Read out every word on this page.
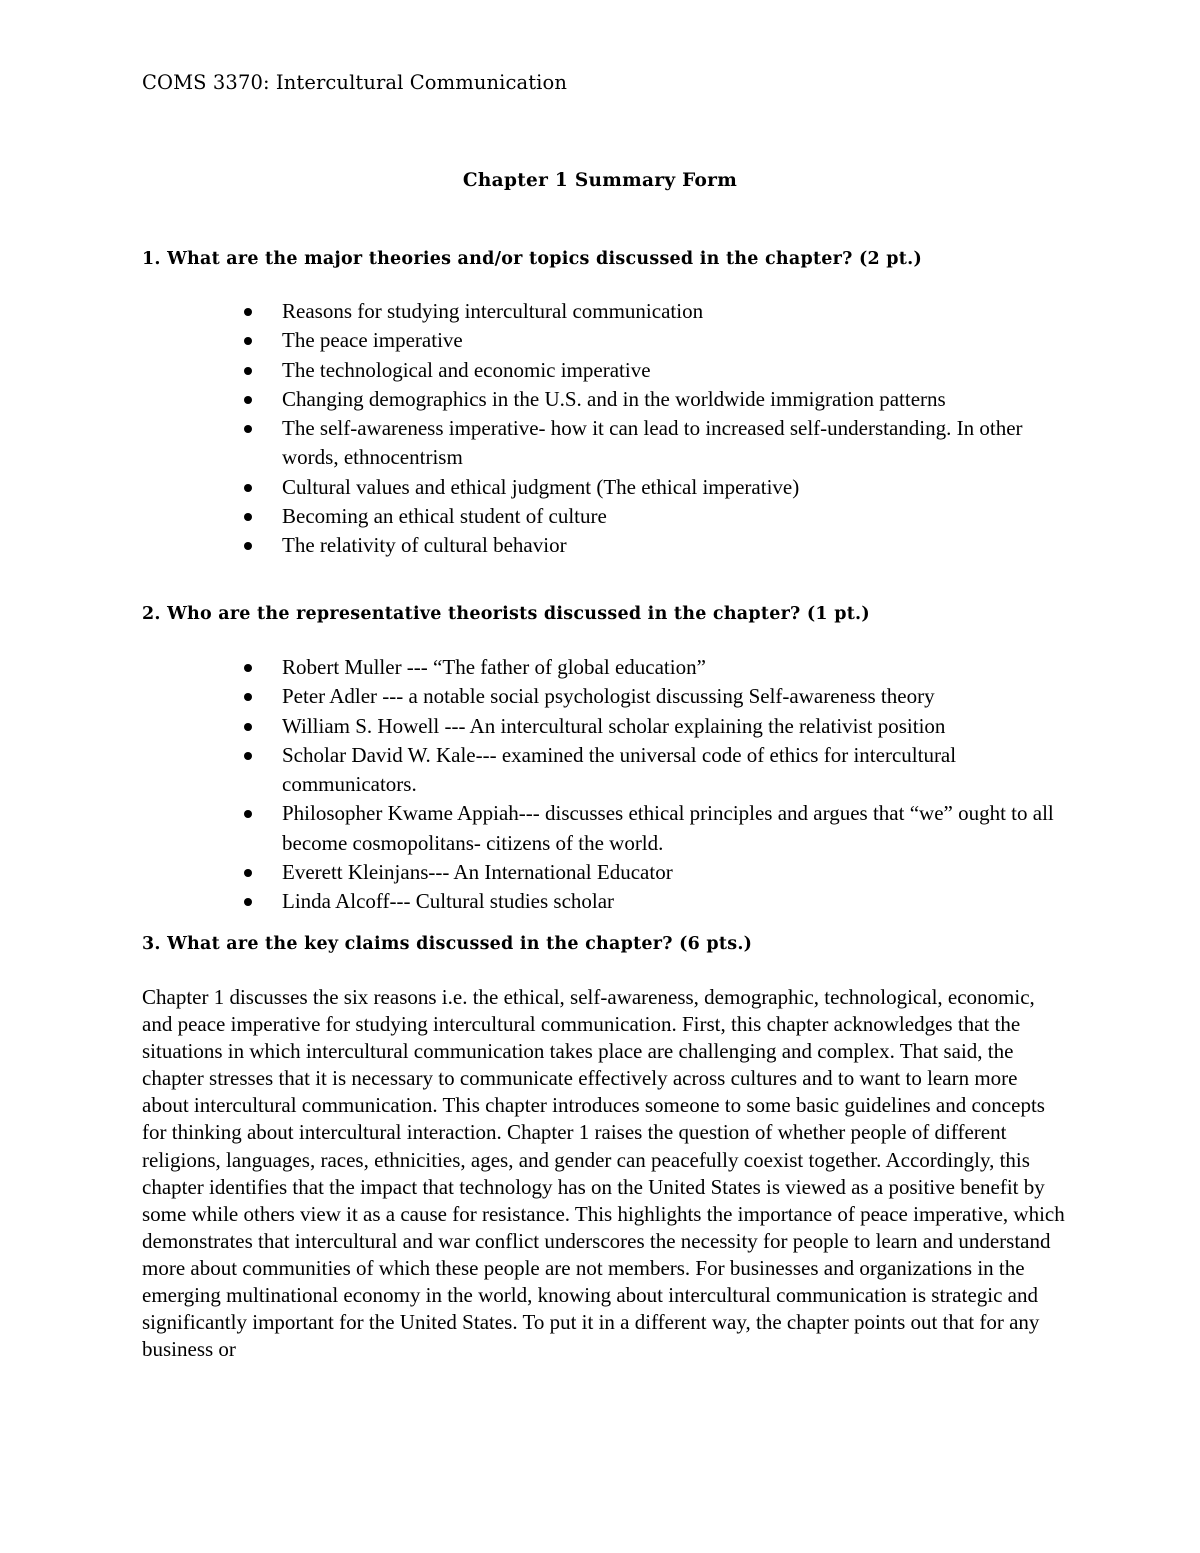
COMS 3370: Intercultural Communication
Chapter 1 Summary Form
1. What are the major theories and/or topics discussed in the chapter? (2 pt.)
Reasons for studying intercultural communication
The peace imperative
The technological and economic imperative
Changing demographics in the U.S. and in the worldwide immigration patterns
The self-awareness imperative- how it can lead to increased self-understanding. In other words, ethnocentrism
Cultural values and ethical judgment (The ethical imperative)
Becoming an ethical student of culture
The relativity of cultural behavior
2. Who are the representative theorists discussed in the chapter? (1 pt.)
Robert Muller --- “The father of global education”
Peter Adler --- a notable social psychologist discussing Self-awareness theory
William S. Howell --- An intercultural scholar explaining the relativist position
Scholar David W. Kale--- examined the universal code of ethics for intercultural communicators.
Philosopher Kwame Appiah--- discusses ethical principles and argues that “we” ought to all become cosmopolitans- citizens of the world.
Everett Kleinjans--- An International Educator
Linda Alcoff--- Cultural studies scholar
3. What are the key claims discussed in the chapter? (6 pts.)

Chapter 1 discusses the six reasons i.e. the ethical, self-awareness, demographic, technological, economic, and peace imperative for studying intercultural communication. First, this chapter acknowledges that the situations in which intercultural communication takes place are challenging and complex. That said, the chapter stresses that it is necessary to communicate effectively across cultures and to want to learn more about intercultural communication. This chapter introduces someone to some basic guidelines and concepts for thinking about intercultural interaction. Chapter 1 raises the question of whether people of different religions, languages, races, ethnicities, ages, and gender can peacefully coexist together. Accordingly, this chapter identifies that the impact that technology has on the United States is viewed as a positive benefit by some while others view it as a cause for resistance. This highlights the importance of peace imperative, which demonstrates that intercultural and war conflict underscores the necessity for people to learn and understand more about communities of which these people are not members. For businesses and organizations in the emerging multinational economy in the world, knowing about intercultural communication is strategic and significantly important for the United States. To put it in a different way, the chapter points out that for any business or
